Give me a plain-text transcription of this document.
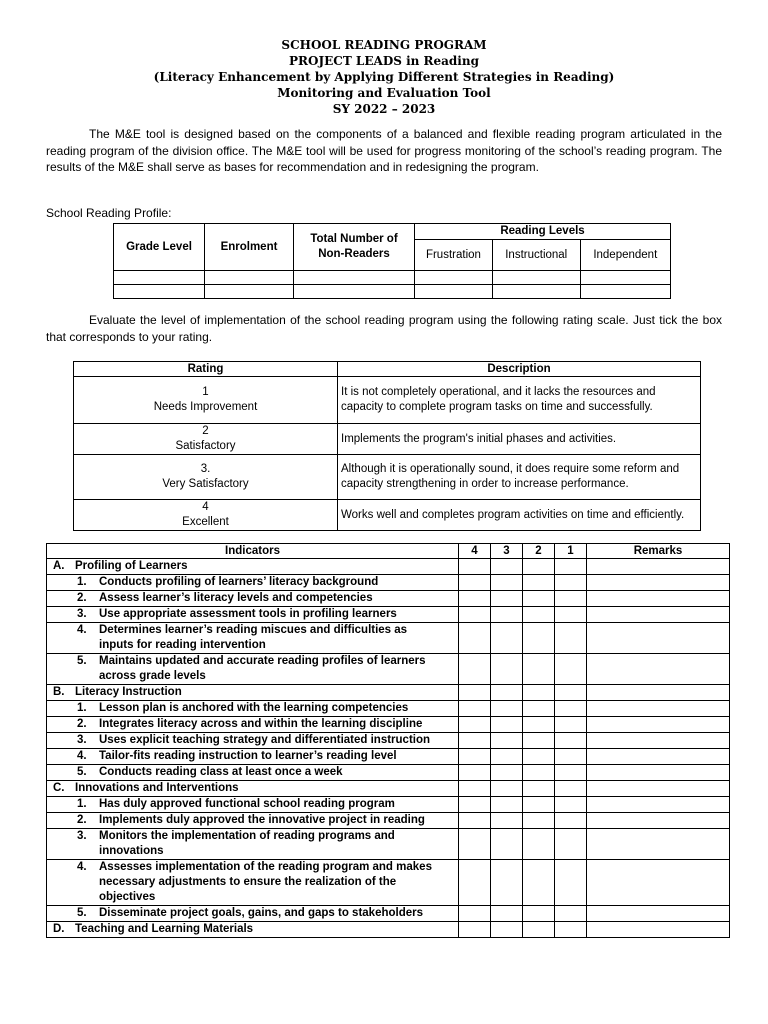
SCHOOL READING PROGRAM
PROJECT LEADS in Reading
(Literacy Enhancement by Applying Different Strategies in Reading)
Monitoring and Evaluation Tool
SY 2022 – 2023
The M&E tool is designed based on the components of a balanced and flexible reading program articulated in the reading program of the division office. The M&E tool will be used for progress monitoring of the school’s reading program. The results of the M&E shall serve as bases for recommendation and in redesigning the program.
School Reading Profile:
Grade Level	Enrolment	Total Number of Non-Readers	Reading Levels		
			Frustration	Instructional	Independent

Evaluate the level of implementation of the school reading program using the following rating scale. Just tick the box that corresponds to your rating.
Rating	Description

1
Needs Improvement	It is not completely operational, and it lacks the resources and capacity to complete program tasks on time and successfully.

2
Satisfactory	Implements the program's initial phases and activities.

3.
Very Satisfactory	Although it is operationally sound, it does require some reform and capacity strengthening in order to increase performance.

4
Excellent	Works well and completes program activities on time and efficiently.
Indicators	4	3	2	1	Remarks
A. Profiling of Learners					
1. Conducts profiling of learners’ literacy background					
2. Assess learner’s literacy levels and competencies					
3. Use appropriate assessment tools in profiling learners					
4. Determines learner’s reading miscues and difficulties as inputs for reading intervention					
5. Maintains updated and accurate reading profiles of learners across grade levels					
B. Literacy Instruction					
1. Lesson plan is anchored with the learning competencies					
2. Integrates literacy across and within the learning discipline					
3. Uses explicit teaching strategy and differentiated instruction					
4. Tailor-fits reading instruction to learner’s reading level					
5. Conducts reading class at least once a week					
C. Innovations and Interventions					
1. Has duly approved functional school reading program					
2. Implements duly approved the innovative project in reading					
3. Monitors the implementation of reading programs and innovations					
4. Assesses implementation of the reading program and makes necessary adjustments to ensure the realization of the objectives					
5. Disseminate project goals, gains, and gaps to stakeholders					
D. Teaching and Learning Materials					
